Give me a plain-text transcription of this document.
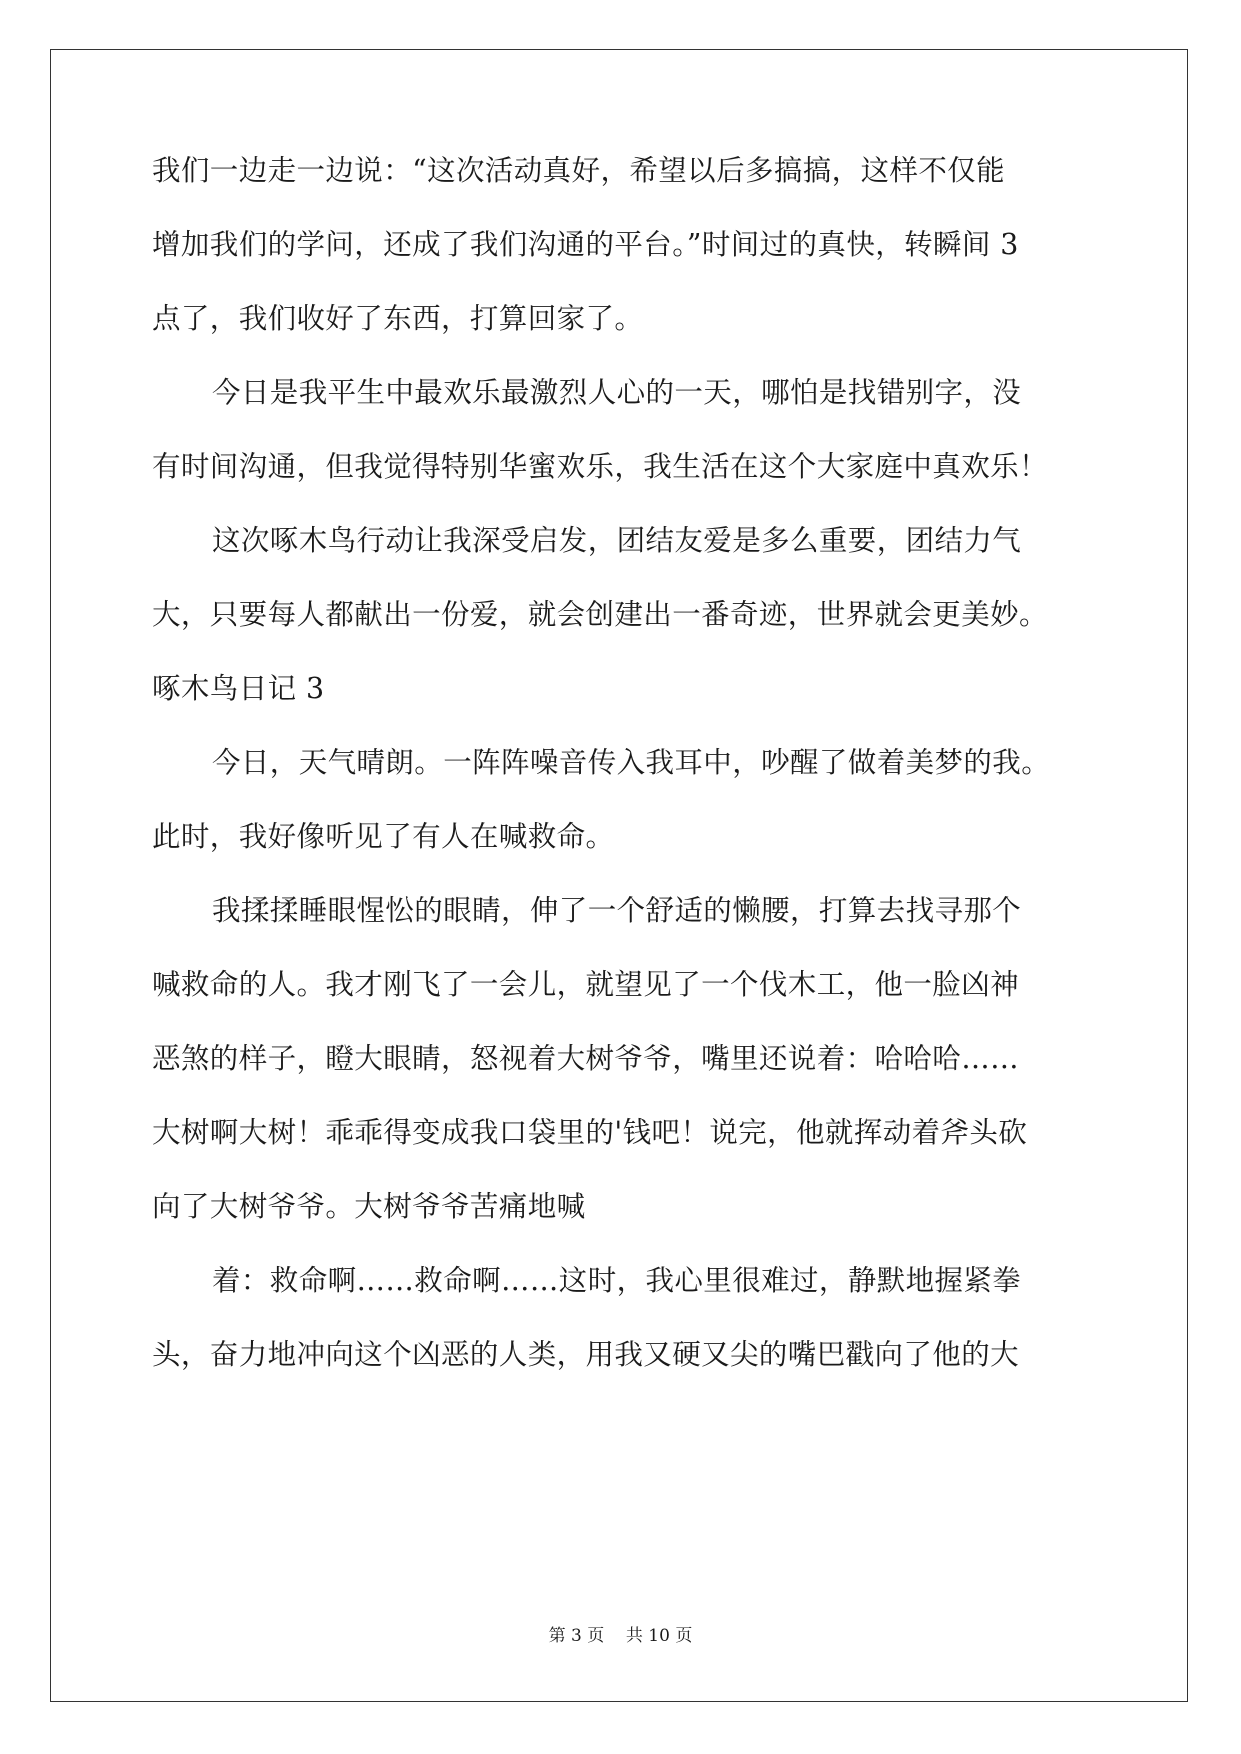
我们一边走一边说：“这次活动真好，希望以后多搞搞，这样不仅能
增加我们的学问，还成了我们沟通的平台。”时间过的真快，转瞬间 3
点了，我们收好了东西，打算回家了。
今日是我平生中最欢乐最激烈人心的一天，哪怕是找错别字，没
有时间沟通，但我觉得特别华蜜欢乐，我生活在这个大家庭中真欢乐！
这次啄木鸟行动让我深受启发，团结友爱是多么重要，团结力气
大，只要每人都献出一份爱，就会创建出一番奇迹，世界就会更美妙。
啄木鸟日记 3
今日，天气晴朗。一阵阵噪音传入我耳中，吵醒了做着美梦的我。
此时，我好像听见了有人在喊救命。
我揉揉睡眼惺忪的眼睛，伸了一个舒适的懒腰，打算去找寻那个
喊救命的人。我才刚飞了一会儿，就望见了一个伐木工，他一脸凶神
恶煞的样子，瞪大眼睛，怒视着大树爷爷，嘴里还说着：哈哈哈……
大树啊大树！乖乖得变成我口袋里的'钱吧！说完，他就挥动着斧头砍
向了大树爷爷。大树爷爷苦痛地喊
着：救命啊……救命啊……这时，我心里很难过，静默地握紧拳
头，奋力地冲向这个凶恶的人类，用我又硬又尖的嘴巴戳向了他的大
第 3 页    共 10 页
